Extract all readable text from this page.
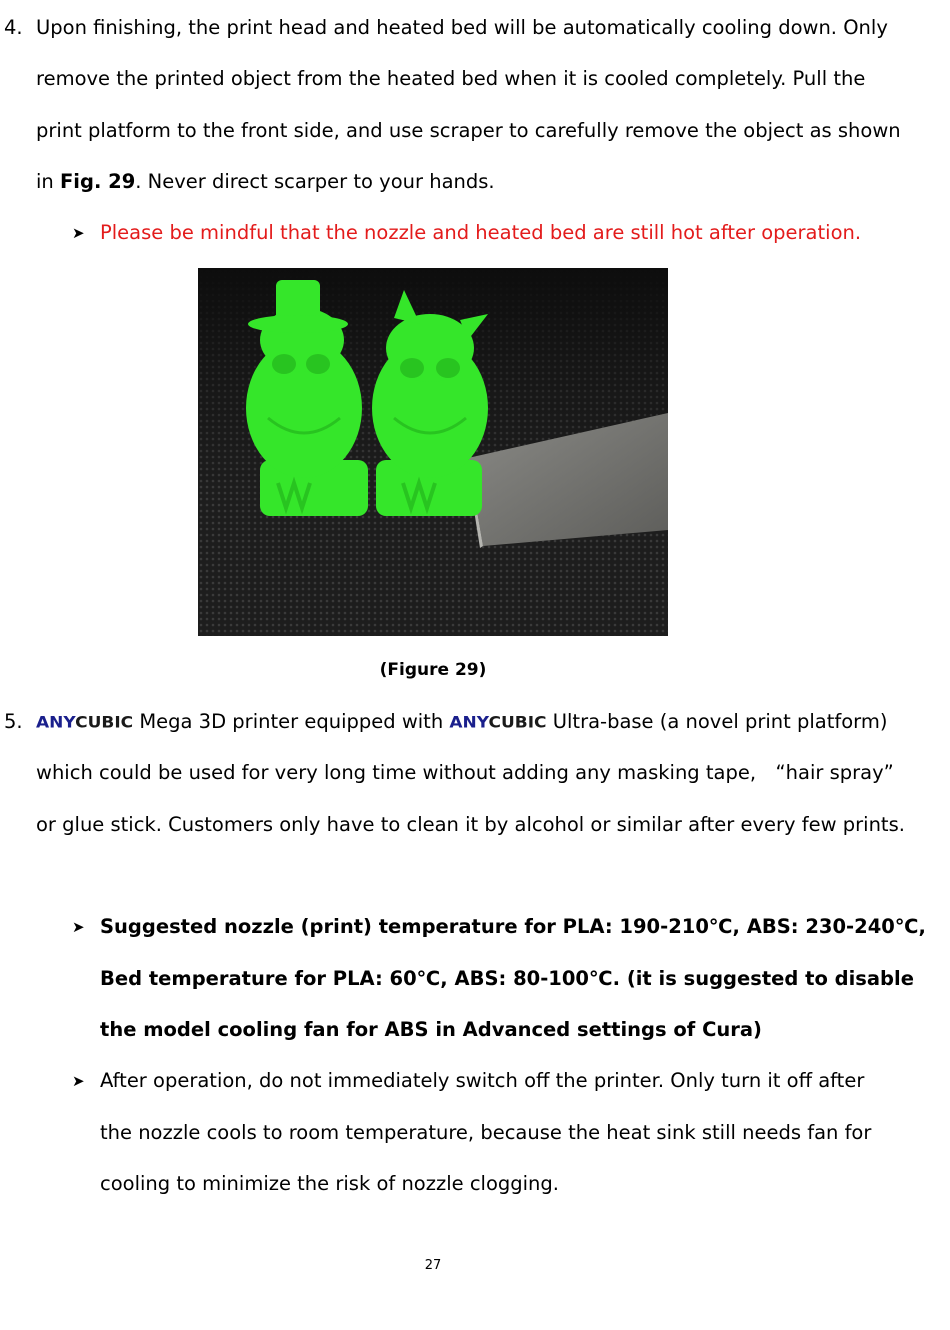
4. Upon finishing, the print head and heated bed will be automatically cooling down. Only
remove the printed object from the heated bed when it is cooled completely. Pull the
print platform to the front side, and use scraper to carefully remove the object as shown
in Fig. 29. Never direct scarper to your hands.
➤ Please be mindful that the nozzle and heated bed are still hot after operation.
(Figure 29)
5. ANYCUBIC Mega 3D printer equipped with ANYCUBIC Ultra-base (a novel print platform)
which could be used for very long time without adding any masking tape,　“hair spray”
or glue stick. Customers only have to clean it by alcohol or similar after every few prints.
➤ Suggested nozzle (print) temperature for PLA: 190-210℃, ABS: 230-240℃,
Bed temperature for PLA: 60℃, ABS: 80-100℃. (it is suggested to disable
the model cooling fan for ABS in Advanced settings of Cura)
➤ After operation, do not immediately switch off the printer. Only turn it off after
the nozzle cools to room temperature, because the heat sink still needs fan for
cooling to minimize the risk of nozzle clogging.
27
